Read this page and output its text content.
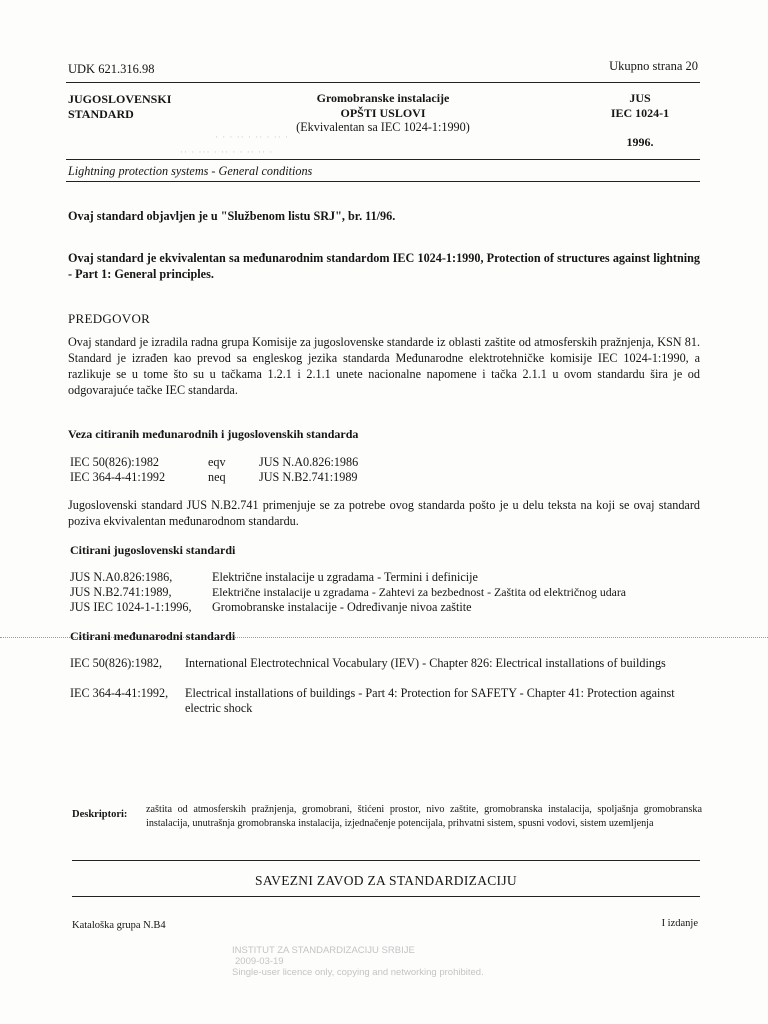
UDK 621.316.98	Ukupno strana 20
JUGOSLOVENSKI
STANDARD
Gromobranske instalacije
OPŠTI USLOVI
(Ekvivalentan sa IEC 1024-1:1990)
JUS
IEC 1024-1
1996.
· · · ·· · ·· · ·· ·
·· · ··· · ·· · · ·· ·· ·
Lightning protection systems - General conditions
Ovaj standard objavljen je u "Službenom listu SRJ", br. 11/96.
Ovaj standard je ekvivalentan sa međunarodnim standardom IEC 1024-1:1990, Protection of structures against lightning - Part 1: General principles.
PREDGOVOR
Ovaj standard je izradila radna grupa Komisije za jugoslovenske standarde iz oblasti zaštite od atmosferskih pražnjenja, KSN 81. Standard je izrađen kao prevod sa engleskog jezika standarda Međunarodne elektrotehničke komisije IEC 1024-1:1990, a razlikuje se u tome što su u tačkama 1.2.1 i 2.1.1 unete nacionalne napomene i tačka 2.1.1 u ovom standardu šira je od odgovarajuće tačke IEC standarda.
Veza citiranih međunarodnih i jugoslovenskih standarda
IEC 50(826):1982	eqv	JUS N.A0.826:1986
IEC 364-4-41:1992	neq	JUS N.B2.741:1989
Jugoslovenski standard JUS N.B2.741 primenjuje se za potrebe ovog standarda pošto je u delu teksta na koji se ovaj standard poziva ekvivalentan međunarodnom standardu.
Citirani jugoslovenski standardi
JUS N.A0.826:1986,	Električne instalacije u zgradama - Termini i definicije
JUS N.B2.741:1989,	Električne instalacije u zgradama - Zahtevi za bezbednost - Zaštita od električnog udara
JUS IEC 1024-1-1:1996, Gromobranske instalacije - Određivanje nivoa zaštite
Citirani međunarodni standardi
IEC 50(826):1982, International Electrotechnical Vocabulary (IEV) - Chapter 826: Electrical installations of buildings
IEC 364-4-41:1992, Electrical installations of buildings - Part 4: Protection for SAFETY - Chapter 41: Protection against electric shock
Deskriptori: zaštita od atmosferskih pražnjenja, gromobrani, štićeni prostor, nivo zaštite, gromobranska instalacija, spoljašnja gromobranska instalacija, unutrašnja gromobranska instalacija, izjednačenje potencijala, prihvatni sistem, spusni vodovi, sistem uzemljenja
SAVEZNI ZAVOD ZA STANDARDIZACIJU
Kataloška grupa N.B4	I izdanje
INSTITUT ZA STANDARDIZACIJU SRBIJE
2009-03-19
Single-user licence only, copying and networking prohibited.
